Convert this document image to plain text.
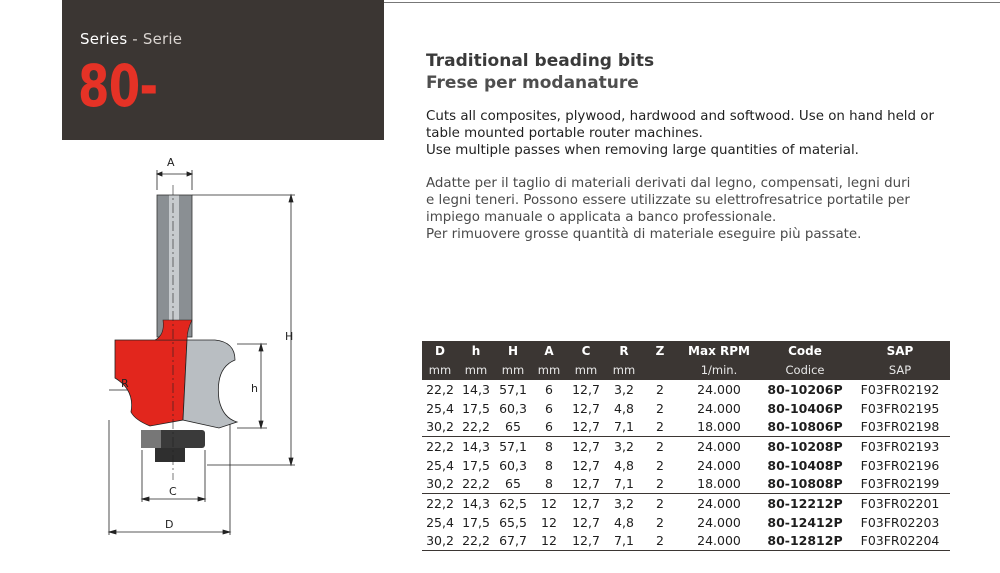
Series - Serie
80-	Traditional beading bits
Frese per modanature
Cuts all composites, plywood, hardwood and softwood. Use on hand held or
table mounted portable router machines.
Use multiple passes when removing large quantities of material.
Adatte per il taglio di materiali derivati dal legno, compensati, legni duri
e legni teneri. Possono essere utilizzate su elettrofresatrice portatile per
impiego manuale o applicata a banco professionale.
Per rimuovere grosse quantità di materiale eseguire più passate.
A
H
R	h
C
D
D	h	H	A	C	R	Z	Max RPM	Code	SAP
mm	mm	mm	mm	mm	mm		1/min.	Codice	SAP
22,2	14,3	57,1	6	12,7	3,2	2	24.000	80-10206P	F03FR02192
25,4	17,5	60,3	6	12,7	4,8	2	24.000	80-10406P	F03FR02195
30,2	22,2	65	6	12,7	7,1	2	18.000	80-10806P	F03FR02198
22,2	14,3	57,1	8	12,7	3,2	2	24.000	80-10208P	F03FR02193
25,4	17,5	60,3	8	12,7	4,8	2	24.000	80-10408P	F03FR02196
30,2	22,2	65	8	12,7	7,1	2	18.000	80-10808P	F03FR02199
22,2	14,3	62,5	12	12,7	3,2	2	24.000	80-12212P	F03FR02201
25,4	17,5	65,5	12	12,7	4,8	2	24.000	80-12412P	F03FR02203
30,2	22,2	67,7	12	12,7	7,1	2	24.000	80-12812P	F03FR02204
